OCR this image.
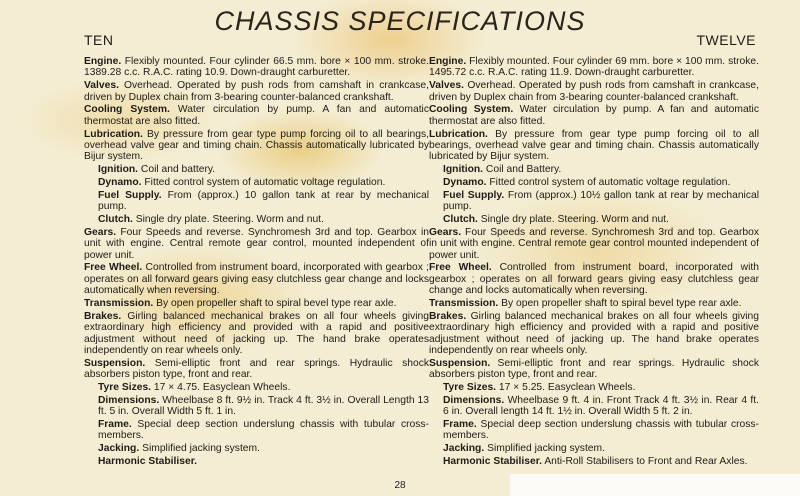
CHASSIS SPECIFICATIONS
TEN	TWELVE
Engine. Flexibly mounted. Four cylinder 66.5 mm. bore × 100 mm. stroke. 1389.28 c.c. R.A.C. rating 10.9. Down-draught carburetter.
Valves. Overhead. Operated by push rods from camshaft in crankcase, driven by Duplex chain from 3-bearing counter-balanced crankshaft.
Cooling System. Water circulation by pump. A fan and automatic thermostat are also fitted.
Lubrication. By pressure from gear type pump forcing oil to all bearings, overhead valve gear and timing chain. Chassis automatically lubricated by Bijur system.
Ignition. Coil and battery.
Dynamo. Fitted control system of automatic voltage regulation.
Fuel Supply. From (approx.) 10 gallon tank at rear by mechanical pump.
Clutch. Single dry plate. Steering. Worm and nut.
Gears. Four Speeds and reverse. Synchromesh 3rd and top. Gearbox in unit with engine. Central remote gear control, mounted independent of power unit.
Free Wheel. Controlled from instrument board, incorporated with gearbox ; operates on all forward gears giving easy clutchless gear change and locks automatically when reversing.
Transmission. By open propeller shaft to spiral bevel type rear axle.
Brakes. Girling balanced mechanical brakes on all four wheels giving extraordinary high efficiency and provided with a rapid and positive adjustment without need of jacking up. The hand brake operates independently on rear wheels only.
Suspension. Semi-elliptic front and rear springs. Hydraulic shock absorbers piston type, front and rear.
Tyre Sizes. 17 × 4.75. Easyclean Wheels.
Dimensions. Wheelbase 8 ft. 9½ in. Track 4 ft. 3½ in. Overall Length 13 ft. 5 in. Overall Width 5 ft. 1 in.
Frame. Special deep section underslung chassis with tubular cross-members.
Jacking. Simplified jacking system.
Harmonic Stabiliser.
Engine. Flexibly mounted. Four cylinder 69 mm. bore × 100 mm. stroke. 1495.72 c.c. R.A.C. rating 11.9. Down-draught carburetter.
Valves. Overhead. Operated by push rods from camshaft in crankcase, driven by Duplex chain from 3-bearing counter-balanced crankshaft.
Cooling System. Water circulation by pump. A fan and automatic thermostat are also fitted.
Lubrication. By pressure from gear type pump forcing oil to all bearings, overhead valve gear and timing chain. Chassis automatically lubricated by Bijur system.
Ignition. Coil and Battery.
Dynamo. Fitted control system of automatic voltage regulation.
Fuel Supply. From (approx.) 10½ gallon tank at rear by mechanical pump.
Clutch. Single dry plate. Steering. Worm and nut.
Gears. Four Speeds and reverse. Synchromesh 3rd and top. Gearbox in unit with engine. Central remote gear control mounted independent of power unit.
Free Wheel. Controlled from instrument board, incorporated with gearbox ; operates on all forward gears giving easy clutchless gear change and locks automatically when reversing.
Transmission. By open propeller shaft to spiral bevel type rear axle.
Brakes. Girling balanced mechanical brakes on all four wheels giving extraordinary high efficiency and provided with a rapid and positive adjustment without need of jacking up. The hand brake operates independently on rear wheels only.
Suspension. Semi-elliptic front and rear springs. Hydraulic shock absorbers piston type, front and rear.
Tyre Sizes. 17 × 5.25. Easyclean Wheels.
Dimensions. Wheelbase 9 ft. 4 in. Front Track 4 ft. 3½ in. Rear 4 ft. 6 in. Overall length 14 ft. 1½ in. Overall Width 5 ft. 2 in.
Frame. Special deep section underslung chassis with tubular cross-members.
Jacking. Simplified jacking system.
Harmonic Stabiliser. Anti-Roll Stabilisers to Front and Rear Axles.
28
